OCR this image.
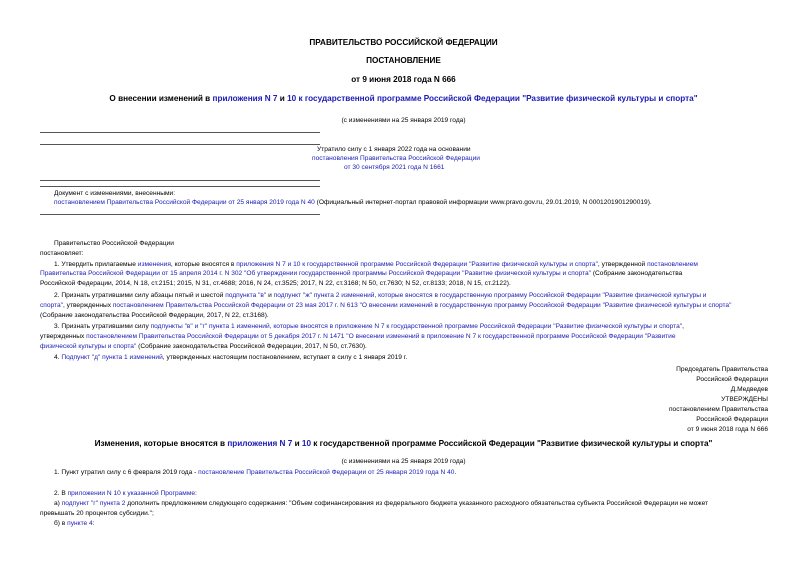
ПРАВИТЕЛЬСТВО РОССИЙСКОЙ ФЕДЕРАЦИИ
ПОСТАНОВЛЕНИЕ
от 9 июня 2018 года N 666
О внесении изменений в приложения N 7 и 10 к государственной программе Российской Федерации "Развитие физической культуры и спорта"
(с изменениями на 25 января 2019 года)
Утратило силу с 1 января 2022 года на основании
постановления Правительства Российской Федерации
от 30 сентября 2021 года N 1661
Документ с изменениями, внесенными:
постановлением Правительства Российской Федерации от 25 января 2019 года N 40 (Официальный интернет-портал правовой информации www.pravo.gov.ru, 29.01.2019, N 0001201901290019).
Правительство Российской Федерации
постановляет:
1. Утвердить прилагаемые изменения, которые вносятся в приложения N 7 и 10 к государственной программе Российской Федерации "Развитие физической культуры и спорта", утвержденной постановлением
Правительства Российской Федерации от 15 апреля 2014 г. N 302 "Об утверждении государственной программы Российской Федерации "Развитие физической культуры и спорта" (Собрание законодательства
Российской Федерации, 2014, N 18, ст.2151; 2015, N 31, ст.4688; 2016, N 24, ст.3525; 2017, N 22, ст.3168; N 50, ст.7630; N 52, ст.8133; 2018, N 15, ст.2122).
2. Признать утратившими силу абзацы пятый и шестой подпункта "в" и подпункт "ж" пункта 2 изменений, которые вносятся в государственную программу Российской Федерации "Развитие физической культуры и
спорта", утвержденных постановлением Правительства Российской Федерации от 23 мая 2017 г. N 613 "О внесении изменений в государственную программу Российской Федерации "Развитие физической культуры и спорта"
(Собрание законодательства Российской Федерации, 2017, N 22, ст.3168).
3. Признать утратившими силу подпункты "в" и "г" пункта 1 изменений, которые вносятся в приложение N 7 к государственной программе Российской Федерации "Развитие физической культуры и спорта",
утвержденных постановлением Правительства Российской Федерации от 5 декабря 2017 г. N 1471 "О внесении изменений в приложение N 7 к государственной программе Российской Федерации "Развитие
физической культуры и спорта" (Собрание законодательства Российской Федерации, 2017, N 50, ст.7630).
4. Подпункт "д" пункта 1 изменений, утвержденных настоящим постановлением, вступает в силу с 1 января 2019 г.
Председатель Правительства
Российской Федерации
Д.Медведев
УТВЕРЖДЕНЫ
постановлением Правительства
Российской Федерации
от 9 июня 2018 года N 666
Изменения, которые вносятся в приложения N 7 и 10 к государственной программе Российской Федерации "Развитие физической культуры и спорта"
(с изменениями на 25 января 2019 года)
1. Пункт утратил силу с 6 февраля 2019 года - постановление Правительства Российской Федерации от 25 января 2019 года N 40.
2. В приложении N 10 к указанной Программе:
а) подпункт "г" пункта 2 дополнить предложением следующего содержания: "Объем софинансирования из федерального бюджета указанного расходного обязательства субъекта Российской Федерации не может
превышать 20 процентов субсидии.";
б) в пункте 4:
